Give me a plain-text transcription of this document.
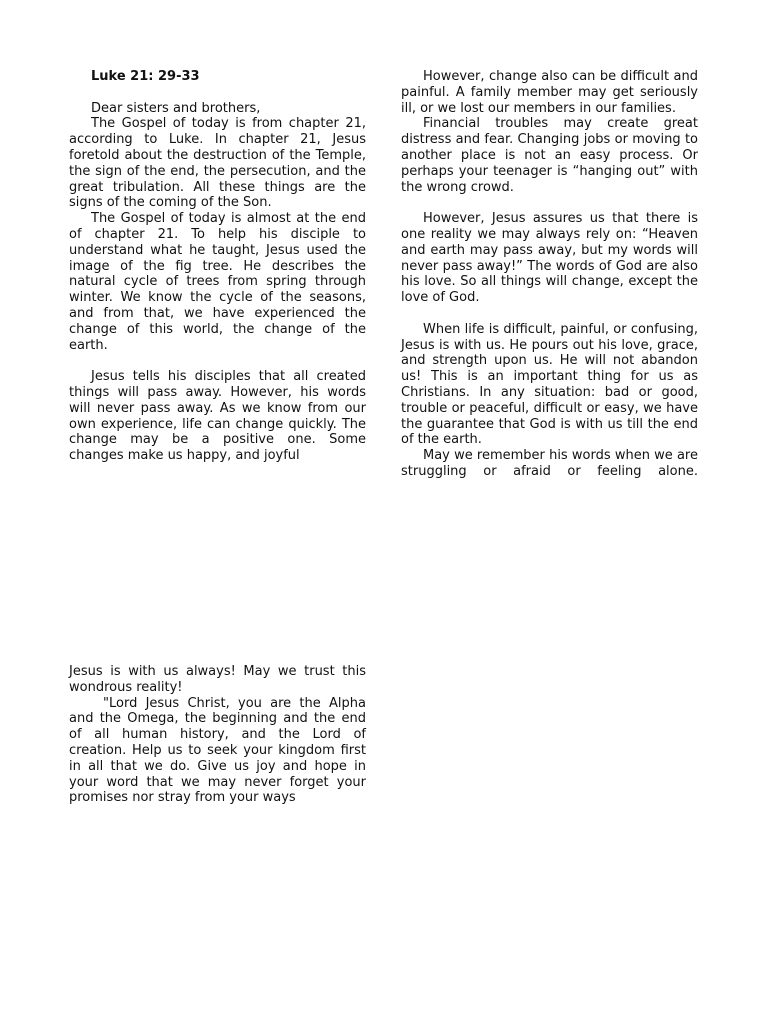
Luke 21: 29-33

Dear sisters and brothers,

The Gospel of today is from chapter 21, according to Luke. In chapter 21, Jesus foretold about the destruction of the Temple, the sign of the end, the persecution, and the great tribulation. All these things are the signs of the coming of the Son.

The Gospel of today is almost at the end of chapter 21. To help his disciple to understand what he taught, Jesus used the image of the fig tree. He describes the natural cycle of trees from spring through winter. We know the cycle of the seasons, and from that, we have experienced the change of this world, the change of the earth.

Jesus tells his disciples that all created things will pass away. However, his words will never pass away. As we know from our own experience, life can change quickly. The change may be a positive one. Some changes make us happy, and joyful

However, change also can be difficult and painful. A family member may get seriously ill, or we lost our members in our families.

Financial troubles may create great distress and fear. Changing jobs or moving to another place is not an easy process. Or perhaps your teenager is “hanging out” with the wrong crowd.

However, Jesus assures us that there is one reality we may always rely on: “Heaven and earth may pass away, but my words will never pass away!” The words of God are also his love. So all things will change, except the love of God.

When life is difficult, painful, or confusing, Jesus is with us. He pours out his love, grace, and strength upon us. He will not abandon us! This is an important thing for us as Christians. In any situation: bad or good, trouble or peaceful, difficult or easy, we have the guarantee that God is with us till the end of the earth.

May we remember his words when we are struggling or afraid or feeling alone.

Jesus is with us always! May we trust this wondrous reality!

"Lord Jesus Christ, you are the Alpha and the Omega, the beginning and the end of all human history, and the Lord of creation. Help us to seek your kingdom first in all that we do. Give us joy and hope in your word that we may never forget your promises nor stray from your ways
